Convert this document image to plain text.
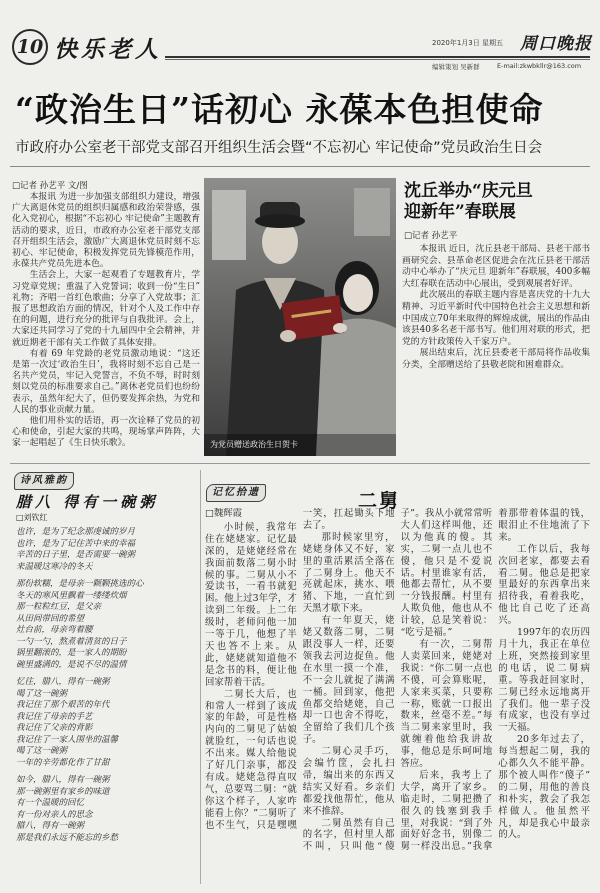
10 快乐老人	2020年1月3日 星期五 周口晚报
编辑策划 吴新群	E-mail:zkwbkllr@163.com
“政治生日”话初心 永葆本色担使命
市政府办公室老干部党支部召开组织生活会暨“不忘初心 牢记使命”党员政治生日会
□记者 孙艺平 文/图

本报讯 为进一步加强支部组织力建设，增强广大离退休党员的组织归属感和政治荣誉感，强化入党初心，根据“不忘初心 牢记使命”主题教育活动的要求，近日，市政府办公室老干部党支部召开组织生活会，激励广大离退休党员时刻不忘初心、牢记使命，积极发挥党员先锋模范作用，永葆共产党员先进本色。

生活会上，大家一起观看了专题教育片，学习党章党规；重温了入党誓词；收到一份“生日”礼物；齐唱一首红色歌曲；分享了入党故事；汇报了思想政治方面的情况，针对个人及工作中存在的问题，进行充分的批评与自我批评。会上，大家还共同学习了党的十九届四中全会精神，并就近期老干部有关工作做了具体安排。

有着 69 年党龄的老党员激动地说：“这还是第一次过‘政治生日’，我将时刻不忘自己是一名共产党员，牢记入党誓言，不负不辱，时时刻刻以党员的标准要求自己。”离休老党员们也纷纷表示，虽然年纪大了，但仍要发挥余热，为党和人民的事业贡献力量。

他们用朴实的话语，再一次诠释了党员的初心和使命，引起大家的共鸣，现场掌声阵阵，大家一起唱起了《生日快乐歌》。	为党员赠送政治生日贺卡
沈丘举办“庆元旦
迎新年”春联展
□记者 孙艺平

本报讯 近日，沈丘县老干部局、县老干部书画研究会、县革命老区促进会在沈丘县老干部活动中心举办了“庆元旦 迎新年”春联展，400多幅大红春联在活动中心展出，受到观展者好评。

此次展出的春联主题内容是喜庆党的十九大精神、习近平新时代中国特色社会主义思想和新中国成立70年来取得的辉煌成就，展出的作品由该县40多名老干部书写。他们用对联的形式，把党的方针政策传入千家万户。

展出结束后，沈丘县委老干部局将作品收集分类，全部赠送给了县敬老院和困难群众。

诗风雅韵
腊八 得有一碗粥
□刘钦红
也许，是为了纪念那虔诚的岁月
也许，是为了记住苦中来的幸福
辛苦的日子里，是否需要一碗粥
来温暖这寒冷的冬天
那份软糯，是母亲一颗颗挑选的心
冬天的寒风里飘着一缕缕炊烟
那一粒粒红豆，是父亲
从田间带回的希望
灶台前，母亲弯着腰
一勺一勺，熬煮着清贫的日子
锅里翻滚的，是一家人的期盼
碗里盛满的，是说不尽的温情
忆往，腊八，得有一碗粥
喝了这一碗粥
我记住了那个艰苦的年代
我记住了母亲的手艺
我记住了父亲的背影
我记住了一家人围坐的温馨
喝了这一碗粥
一年的辛劳都化作了甘甜
如今，腊八，得有一碗粥
那一碗粥里有家乡的味道
有一个温暖的回忆
有一份对亲人的思念
腊八，得有一碗粥
那是我们永远不能忘的乡愁
记忆拾遗	二舅
□魏辉霞

小时候，我常年住在姥姥家。记忆最深的，是姥姥经常在我面前数落二舅小时候的事。二舅从小不爱读书，一看书就犯困。他上过3年学，才读到二年级。上二年级时，老师问他一加一等于几，他想了半天也答不上来。从此，姥姥就知道他不是念书的料，便让他回家帮着干活。

二舅长大后，也和常人一样到了该成家的年龄，可是性格内向的二舅见了姑娘就脸红，一句话也说不出来。媒人给他说了好几门亲事，都没有成。姥姥急得直叹气，总要骂二舅：“就你这个样子，人家咋能看上你？”二舅听了也不生气，只是嘿嘿一笑，扛起锄头下地去了。

那时候家里穷，姥姥身体又不好，家里的重活累活全落在了二舅身上。他天不亮就起床，挑水、喂猪、下地，一直忙到天黑才歇下来。

有一年夏天，姥姥又数落二舅，二舅跟没事人一样，还要领我去河边捉鱼。他在水里一摸一个准，不一会儿就捉了满满一桶。回到家，他把鱼都交给姥姥，自己却一口也舍不得吃，全留给了我们几个孩子。

二舅心灵手巧，会编竹筐，会扎扫帚，编出来的东西又结实又好看。乡亲们都爱找他帮忙，他从来不推辞。

二舅虽然有自己的名字，但村里人都不叫，只叫他“傻子”。我从小就常常听大人们这样叫他，还以为他真的傻。其实，二舅一点儿也不傻，他只是不爱说话。村里谁家有活，他都去帮忙，从不要一分钱报酬。村里有人欺负他，他也从不计较，总是笑着说：“吃亏是福。”

有一次，二舅帮人卖菜回来，姥姥对我说：“你二舅一点也不傻，可会算账呢，人家来买菜，只要称一称，账就一口报出数来，丝毫不差。”每当二舅来家里时，我就缠着他给我讲故事，他总是乐呵呵地答应。

后来，我考上了大学，离开了家乡。临走时，二舅把攒了很久的钱塞到我手里，对我说：“到了外面好好念书，别像二舅一样没出息。”我拿着那带着体温的钱，眼泪止不住地流了下来。

工作以后，我每次回老家，都要去看看二舅。他总是把家里最好的东西拿出来招待我，看着我吃，他比自己吃了还高兴。

1997年的农历四月十九，我正在单位上班，突然接到家里的电话，说二舅病重。等我赶回家时，二舅已经永远地离开了我们。他一辈子没有成家，也没有享过一天福。

20多年过去了，每当想起二舅，我的心都久久不能平静。那个被人叫作“傻子”的二舅，用他的善良和朴实，教会了我怎样做人。他虽然平凡，却是我心中最亲的人。
